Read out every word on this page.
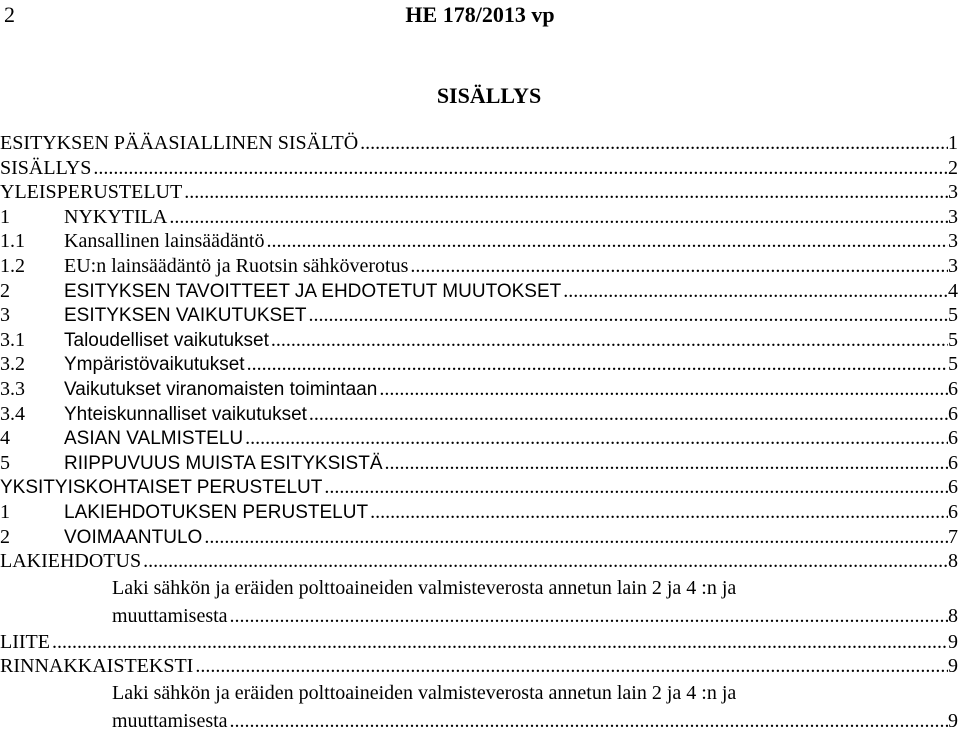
2	HE 178/2013 vp
SISÄLLYS
ESITYKSEN PÄÄASIALLINEN SISÄLTÖ .....	1
SISÄLLYS .....	2
YLEISPERUSTELUT .....	3
1	NYKYTILA .....	3
1.1	Kansallinen lainsäädäntö .....	3
1.2	EU:n lainsäädäntö ja Ruotsin sähköverotus .....	3
2	ESITYKSEN TAVOITTEET JA EHDOTETUT MUUTOKSET .....	4
3	ESITYKSEN VAIKUTUKSET .....	5
3.1	Taloudelliset vaikutukset .....	5
3.2	Ympäristövaikutukset .....	5
3.3	Vaikutukset viranomaisten toimintaan .....	6
3.4	Yhteiskunnalliset vaikutukset .....	6
4	ASIAN VALMISTELU .....	6
5	RIIPPUVUUS MUISTA ESITYKSISTÄ .....	6
YKSITYISKOHTAISET PERUSTELUT .....	6
1	LAKIEHDOTUKSEN PERUSTELUT .....	6
2	VOIMAANTULO .....	7
LAKIEHDOTUS .....	8
Laki sähkön ja eräiden polttoaineiden valmisteverosta annetun lain 2 ja 4 :n ja
muuttamisesta .....	8
LIITE .....	9
RINNAKKAISTEKSTI .....	9
Laki sähkön ja eräiden polttoaineiden valmisteverosta annetun lain 2 ja 4 :n ja
muuttamisesta .....	9
